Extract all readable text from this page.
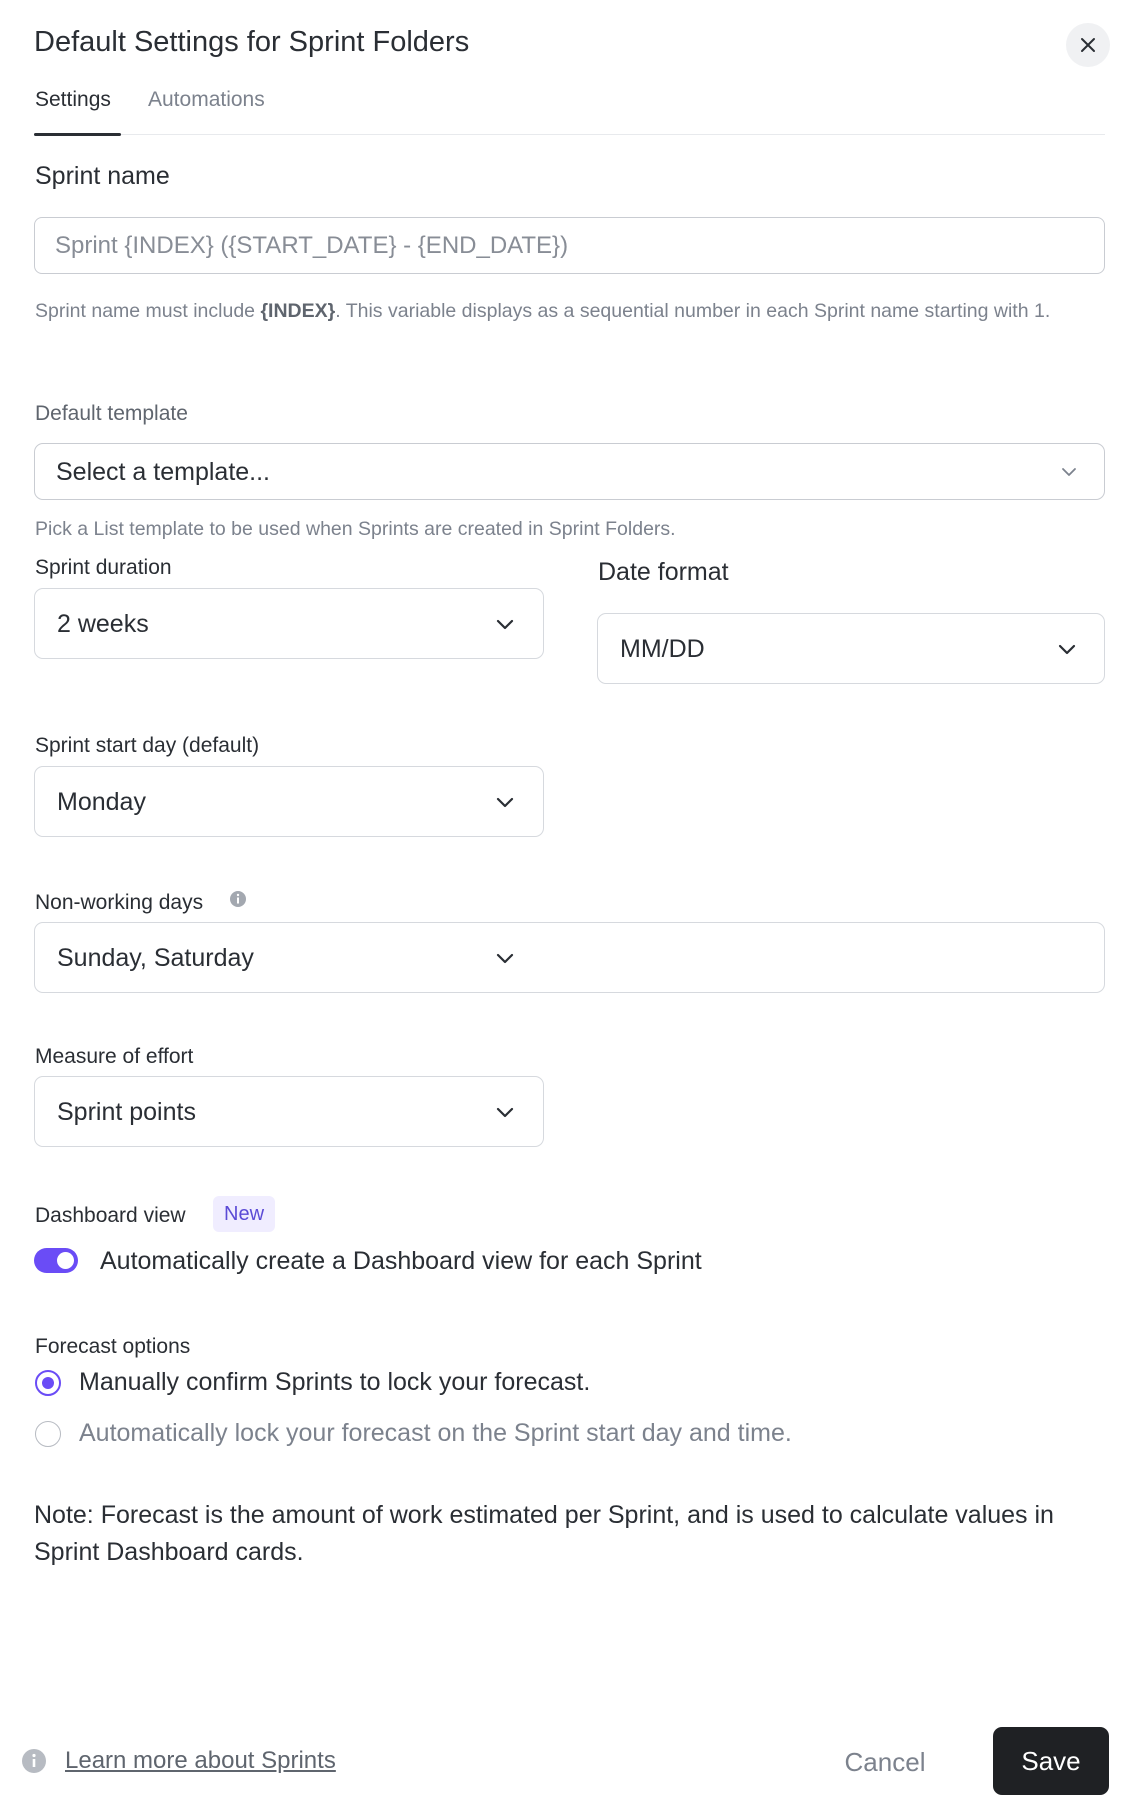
Default Settings for Sprint Folders
Settings Automations
Sprint name
Sprint {INDEX} ({START_DATE} - {END_DATE})
Sprint name must include {INDEX}. This variable displays as a sequential number in each Sprint name starting with 1.
Default template
Select a template...
Pick a List template to be used when Sprints are created in Sprint Folders.
Sprint duration
2 weeks
Date format
MM/DD
Sprint start day (default)
Monday
Non-working days
Sunday, Saturday
Measure of effort
Sprint points
Dashboard view	New
Automatically create a Dashboard view for each Sprint
Forecast options
Manually confirm Sprints to lock your forecast.
Automatically lock your forecast on the Sprint start day and time.
Note: Forecast is the amount of work estimated per Sprint, and is used to calculate values in Sprint Dashboard cards.
Learn more about Sprints	Cancel	Save
